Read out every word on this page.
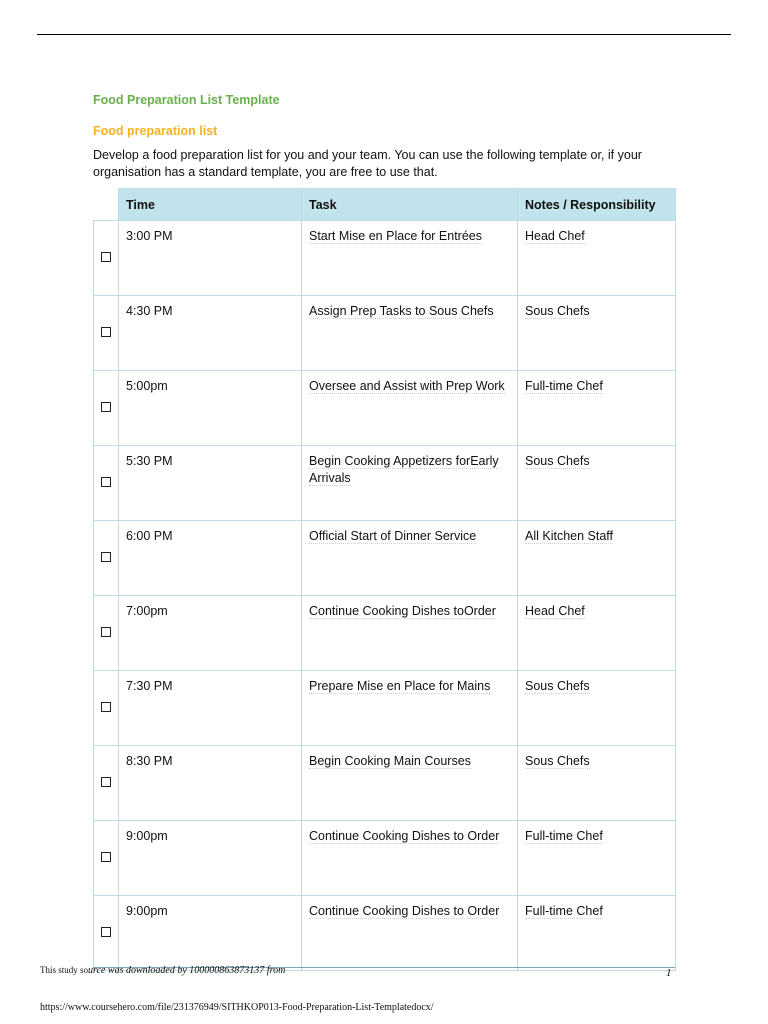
Food Preparation List Template
Food preparation list
Develop a food preparation list for you and your team. You can use the following template or, if your organisation has a standard template, you are free to use that.
	Time	Task	Notes / Responsibility
	3:00 PM	Start Mise en Place for Entrées	Head Chef
	4:30 PM	Assign Prep Tasks to Sous Chefs	Sous Chefs
	5:00pm	Oversee and Assist with Prep Work	Full-time Chef
	5:30 PM	Begin Cooking Appetizers forEarly Arrivals	Sous Chefs
	6:00 PM	Official Start of Dinner Service	All Kitchen Staff
	7:00pm	Continue Cooking Dishes toOrder	Head Chef
	7:30 PM	Prepare Mise en Place for Mains	Sous Chefs
	8:30 PM	Begin Cooking Main Courses	Sous Chefs
	9:00pm	Continue Cooking Dishes to Order	Full-time Chef
	9:00pm	Continue Cooking Dishes to Order	Full-time Chef
This study source was downloaded by 100000863873137 from	1
https://www.coursehero.com/file/231376949/SITHKOP013-Food-Preparation-List-Templatedocx/
